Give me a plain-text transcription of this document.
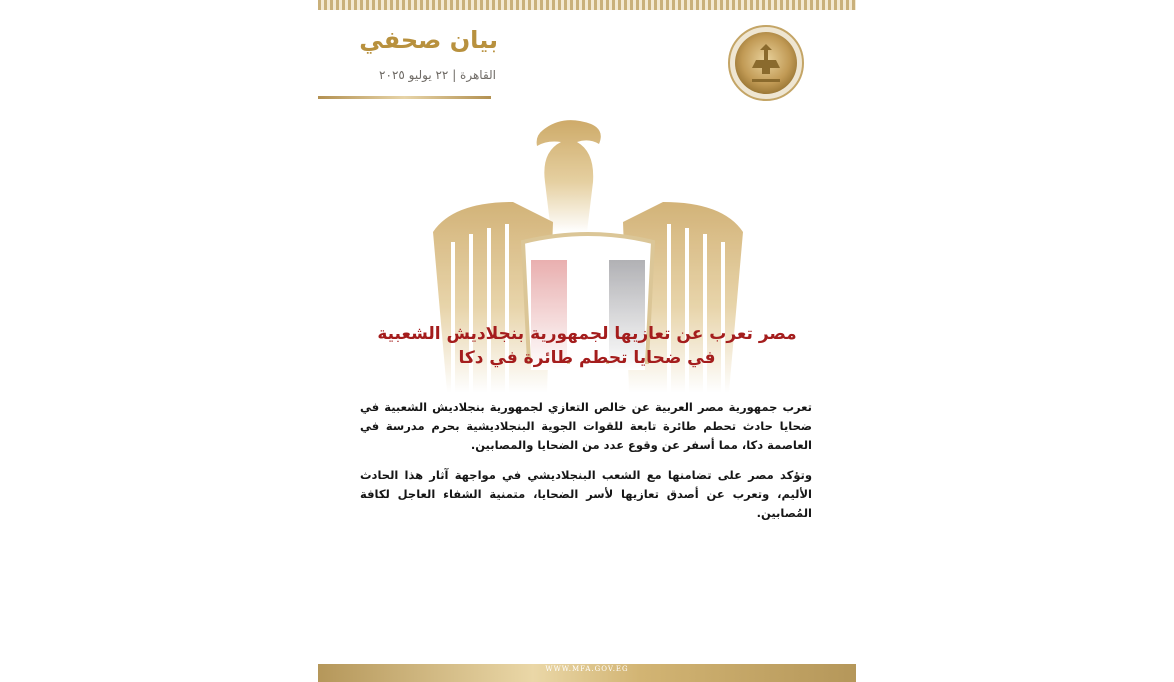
بيان صحفي
القاهرة | ٢٢ يوليو ٢٠٢٥
مصر تعرب عن تعازيها لجمهورية بنجلاديش الشعبية
في ضحايا تحطم طائرة في دكا
تعرب جمهورية مصر العربية عن خالص التعازي لجمهورية بنجلاديش الشعبية في ضحايا حادث تحطم طائرة تابعة للقوات الجوية البنجلاديشية بحرم مدرسة في العاصمة دكا، مما أسفر عن وقوع عدد من الضحايا والمصابين.
وتؤكد مصر على تضامنها مع الشعب البنجلاديشي في مواجهة آثار هذا الحادث الأليم، وتعرب عن أصدق تعازيها لأسر الضحايا، متمنية الشفاء العاجل لكافة المُصابين.
WWW.MFA.GOV.EG
